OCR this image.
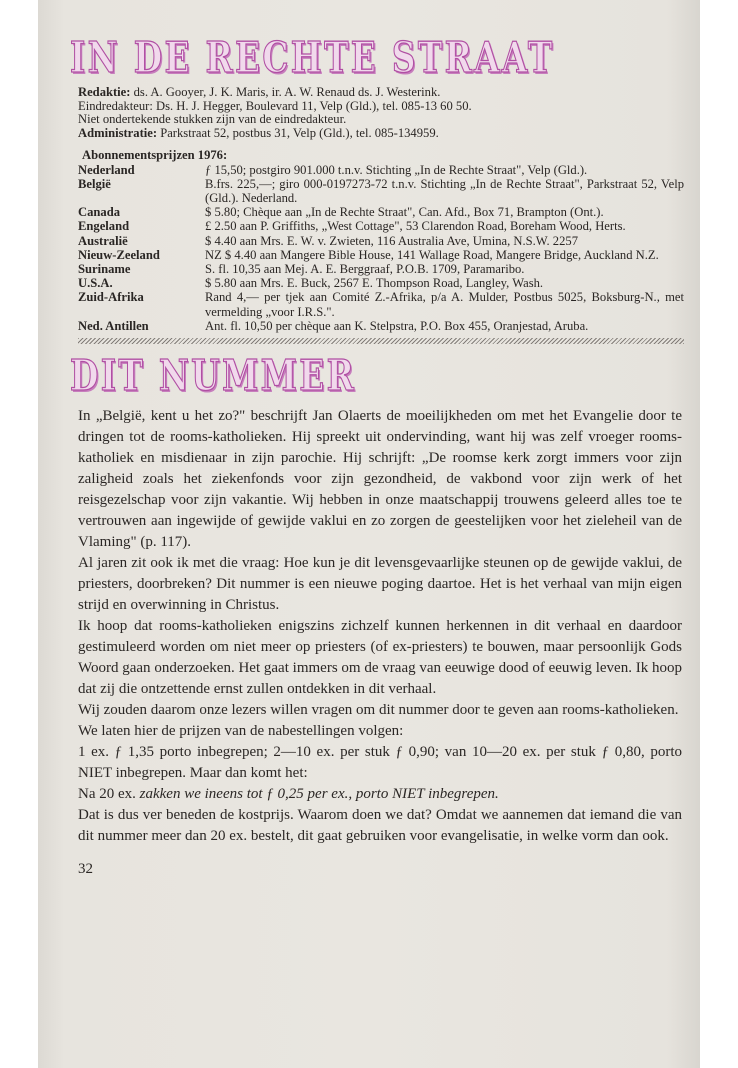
IN DE RECHTE STRAAT
Redaktie: ds. A. Gooyer, J. K. Maris, ir. A. W. Renaud ds. J. Westerink.
Eindredakteur: Ds. H. J. Hegger, Boulevard 11, Velp (Gld.), tel. 085-13 60 50.
Niet ondertekende stukken zijn van de eindredakteur.
Administratie: Parkstraat 52, postbus 31, Velp (Gld.), tel. 085-134959.
Abonnementsprijzen 1976:
Nederland	ƒ 15,50; postgiro 901.000 t.n.v. Stichting „In de Rechte Straat", Velp (Gld.).
België	B.frs. 225,—; giro 000-0197273-72 t.n.v. Stichting „In de Rechte Straat", Parkstraat 52, Velp (Gld.). Nederland.
Canada	$ 5.80; Chèque aan „In de Rechte Straat", Can. Afd., Box 71, Brampton (Ont.).
Engeland	£ 2.50 aan P. Griffiths, „West Cottage", 53 Clarendon Road, Boreham Wood, Herts.
Australië	$ 4.40 aan Mrs. E. W. v. Zwieten, 116 Australia Ave, Umina, N.S.W. 2257
Nieuw-Zeeland	NZ $ 4.40 aan Mangere Bible House, 141 Wallage Road, Mangere Bridge, Auckland N.Z.
Suriname	S. fl. 10,35 aan Mej. A. E. Berggraaf, P.O.B. 1709, Paramaribo.
U.S.A.	$ 5.80 aan Mrs. E. Buck, 2567 E. Thompson Road, Langley, Wash.
Zuid-Afrika	Rand 4,— per tjek aan Comité Z.-Afrika, p/a A. Mulder, Postbus 5025, Boksburg-N., met vermelding „voor I.R.S.".
Ned. Antillen	Ant. fl. 10,50 per chèque aan K. Stelpstra, P.O. Box 455, Oranjestad, Aruba.
DIT NUMMER

In „België, kent u het zo?" beschrijft Jan Olaerts de moeilijkheden om met het Evangelie door te dringen tot de rooms-katholieken. Hij spreekt uit ondervinding, want hij was zelf vroeger rooms-katholiek en misdienaar in zijn parochie. Hij schrijft: „De roomse kerk zorgt immers voor zijn zaligheid zoals het ziekenfonds voor zijn gezondheid, de vakbond voor zijn werk of het reisgezelschap voor zijn vakantie. Wij hebben in onze maatschappij trouwens geleerd alles toe te vertrouwen aan ingewijde of gewijde vaklui en zo zorgen de geestelijken voor het zieleheil van de Vlaming" (p. 117).

Al jaren zit ook ik met die vraag: Hoe kun je dit levensgevaarlijke steunen op de gewijde vaklui, de priesters, doorbreken? Dit nummer is een nieuwe poging daartoe. Het is het verhaal van mijn eigen strijd en overwinning in Christus.

Ik hoop dat rooms-katholieken enigszins zichzelf kunnen herkennen in dit verhaal en daardoor gestimuleerd worden om niet meer op priesters (of ex-priesters) te bouwen, maar persoonlijk Gods Woord gaan onderzoeken. Het gaat immers om de vraag van eeuwige dood of eeuwig leven. Ik hoop dat zij die ontzettende ernst zullen ontdekken in dit verhaal.

Wij zouden daarom onze lezers willen vragen om dit nummer door te geven aan rooms-katholieken.

We laten hier de prijzen van de nabestellingen volgen:

1 ex. ƒ 1,35 porto inbegrepen; 2—10 ex. per stuk ƒ 0,90; van 10—20 ex. per stuk ƒ 0,80, porto NIET inbegrepen. Maar dan komt het:

Na 20 ex. zakken we ineens tot ƒ 0,25 per ex., porto NIET inbegrepen.

Dat is dus ver beneden de kostprijs. Waarom doen we dat? Omdat we aannemen dat iemand die van dit nummer meer dan 20 ex. bestelt, dit gaat gebruiken voor evangelisatie, in welke vorm dan ook.

32
